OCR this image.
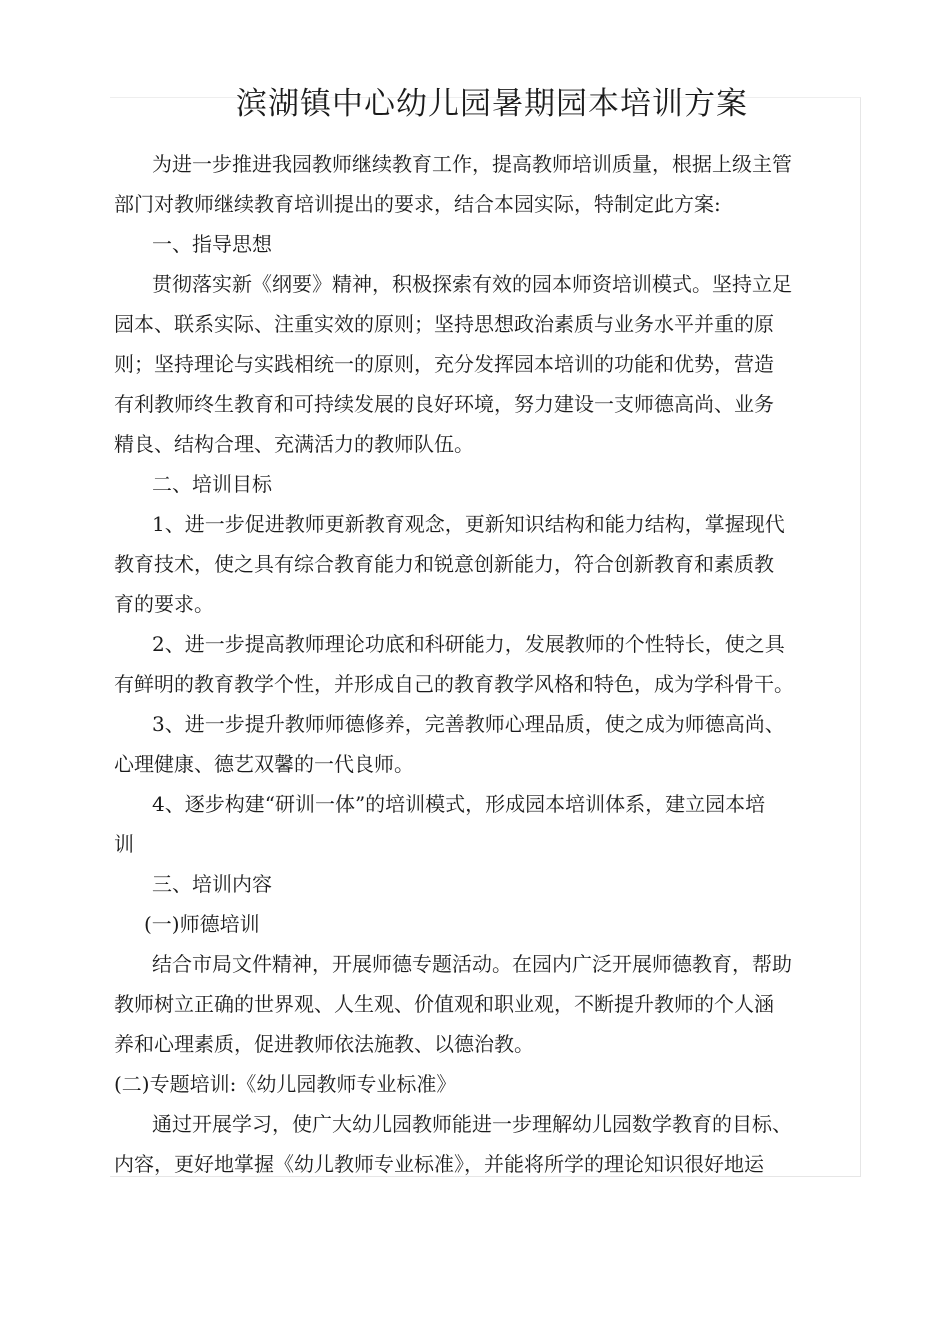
滨湖镇中心幼儿园暑期园本培训方案

为进一步推进我园教师继续教育工作，提高教师培训质量，根据上级主管

部门对教师继续教育培训提出的要求，结合本园实际，特制定此方案:

一、指导思想

贯彻落实新《纲要》精神，积极探索有效的园本师资培训模式。坚持立足

园本、联系实际、注重实效的原则；坚持思想政治素质与业务水平并重的原

则；坚持理论与实践相统一的原则，充分发挥园本培训的功能和优势，营造

有利教师终生教育和可持续发展的良好环境，努力建设一支师德高尚、业务

精良、结构合理、充满活力的教师队伍。

二、培训目标

1、进一步促进教师更新教育观念，更新知识结构和能力结构，掌握现代

教育技术，使之具有综合教育能力和锐意创新能力，符合创新教育和素质教

育的要求。

2、进一步提高教师理论功底和科研能力，发展教师的个性特长，使之具

有鲜明的教育教学个性，并形成自己的教育教学风格和特色，成为学科骨干。

3、进一步提升教师师德修养，完善教师心理品质，使之成为师德高尚、

心理健康、德艺双馨的一代良师。

4、逐步构建“研训一体”的培训模式，形成园本培训体系，建立园本培

训

三、培训内容

(一)师德培训

结合市局文件精神，开展师德专题活动。在园内广泛开展师德教育，帮助

教师树立正确的世界观、人生观、价值观和职业观，不断提升教师的个人涵

养和心理素质，促进教师依法施教、以德治教。

(二)专题培训:《幼儿园教师专业标准》

通过开展学习，使广大幼儿园教师能进一步理解幼儿园数学教育的目标、

内容，更好地掌握《幼儿教师专业标准》，并能将所学的理论知识很好地运
